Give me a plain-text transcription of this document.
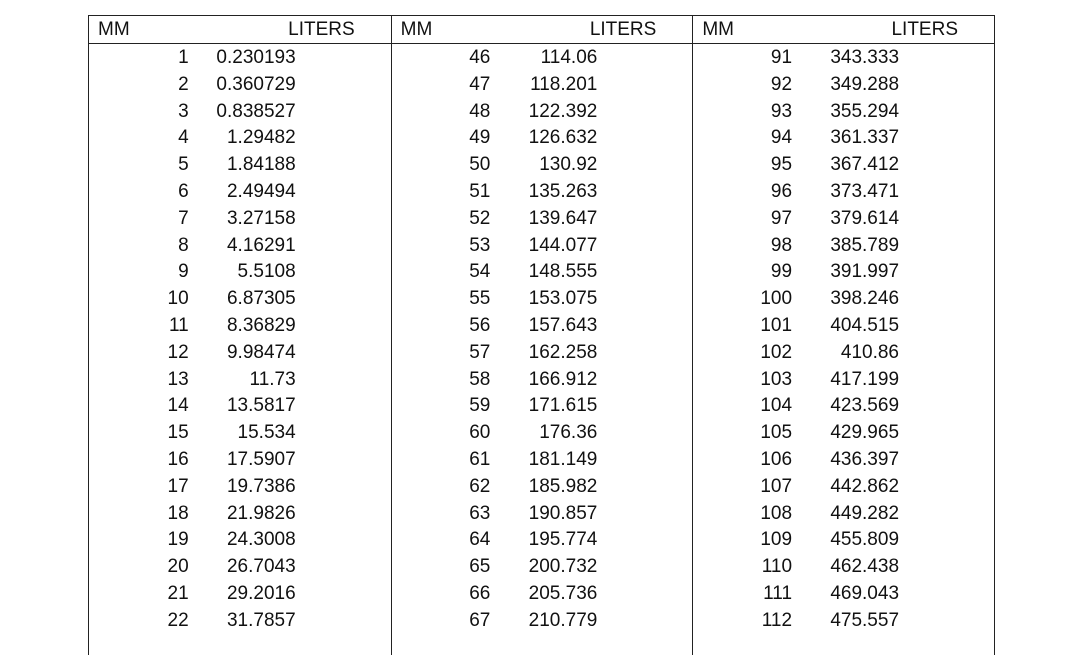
MM	LITERS
1 0.230193
2 0.360729
3 0.838527
4 1.29482
5 1.84188
6 2.49494
7 3.27158
8 4.16291
9	5.5108
10 6.87305
11 8.36829
12 9.98474
13	11.73
14 13.5817
15	15.534
16 17.5907
17 19.7386
18 21.9826
19 24.3008
20 26.7043
21 29.2016
22 31.7857
MM	LITERS
46	114.06
47 118.201
48 122.392
49 126.632
50	130.92
51 135.263
52 139.647
53 144.077
54 148.555
55 153.075
56 157.643
57 162.258
58 166.912
59 171.615
60	176.36
61 181.149
62 185.982
63 190.857
64 195.774
65 200.732
66 205.736
67 210.779
MM	LITERS
91 343.333
92 349.288
93 355.294
94 361.337
95 367.412
96 373.471
97 379.614
98 385.789
99 391.997
100 398.246
101 404.515
102	410.86
103 417.199
104 423.569
105 429.965
106 436.397
107 442.862
108 449.282
109 455.809
110 462.438
111 469.043
112 475.557
